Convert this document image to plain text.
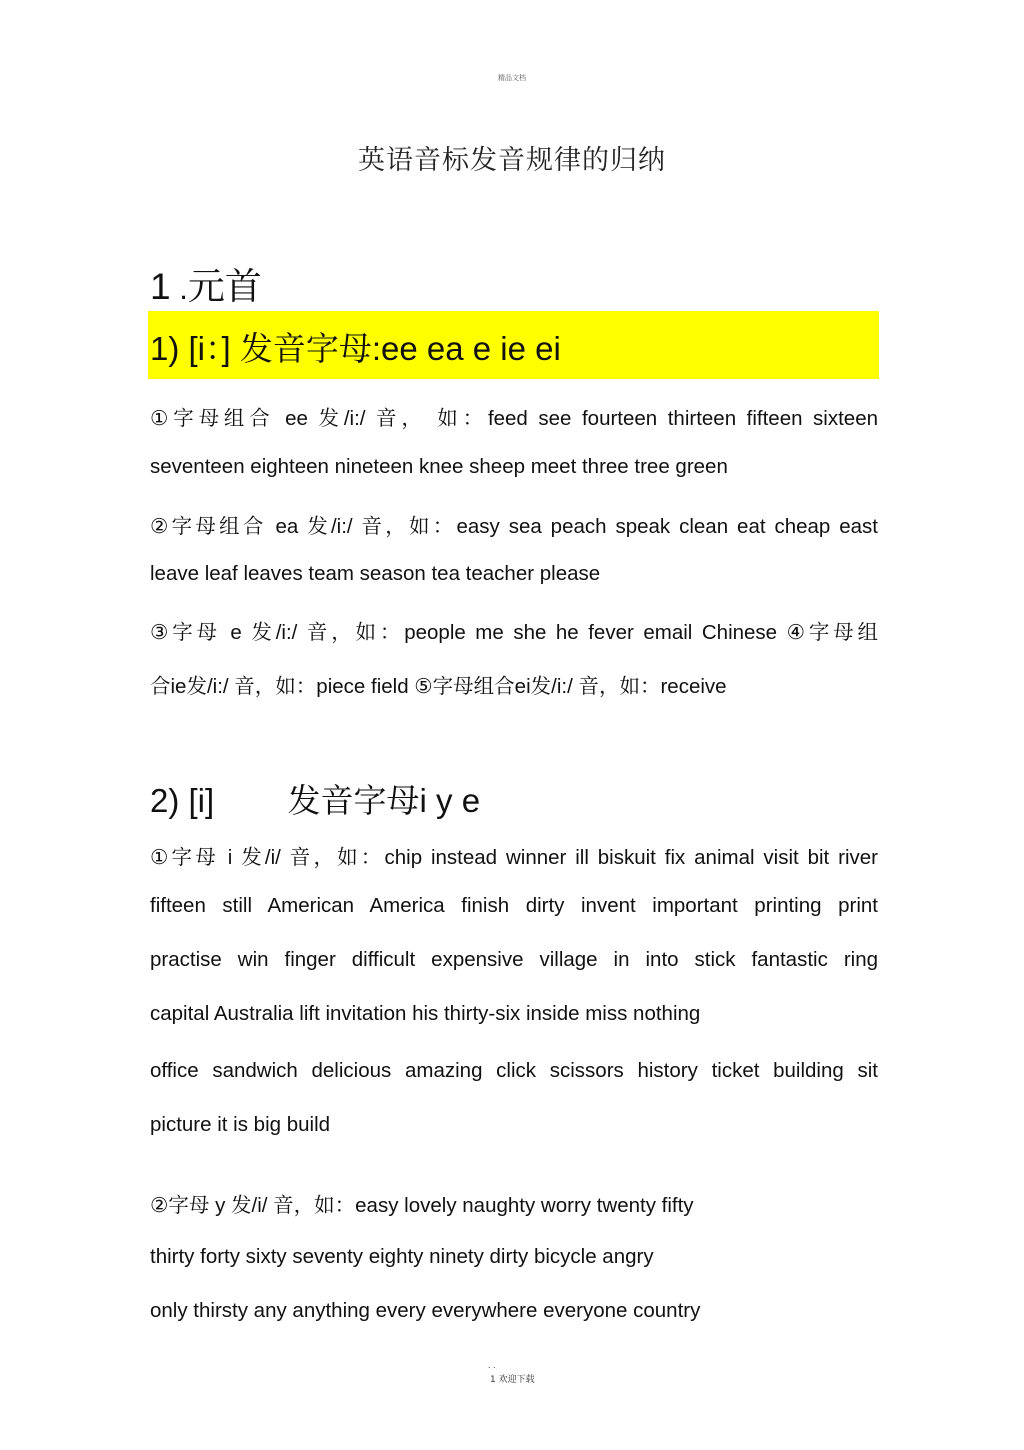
精品文档
英语音标发音规律的归纳
1 .元首
1) [i：] 发音字母:ee ea e ie ei
①字母组合 ee 发/i:/ 音， 如：feed see fourteen thirteen fifteen sixteen
seventeen eighteen nineteen knee sheep meet three tree green
②字母组合 ea 发/i:/ 音，如：easy sea peach speak clean eat cheap east
leave leaf leaves team season tea teacher please
③字母 e 发/i:/ 音，如：people me she he fever email Chinese ④字母组
合ie发/i:/ 音，如：piece field ⑤字母组合ei发/i:/ 音，如：receive
2) [i]        发音字母i y e
①字母 i 发/i/ 音，如：chip instead winner ill biskuit fix animal visit bit river
fifteen still American America finish dirty invent important printing print
practise win finger difficult expensive village in into stick fantastic ring
capital Australia lift invitation his thirty-six inside miss nothing
office sandwich delicious amazing click scissors history ticket building sit
picture it is big build
②字母 y 发/i/ 音，如：easy lovely naughty worry twenty fifty
thirty forty sixty seventy eighty ninety dirty bicycle angry
only thirsty any anything every everywhere everyone country
. .
1 欢迎下载
